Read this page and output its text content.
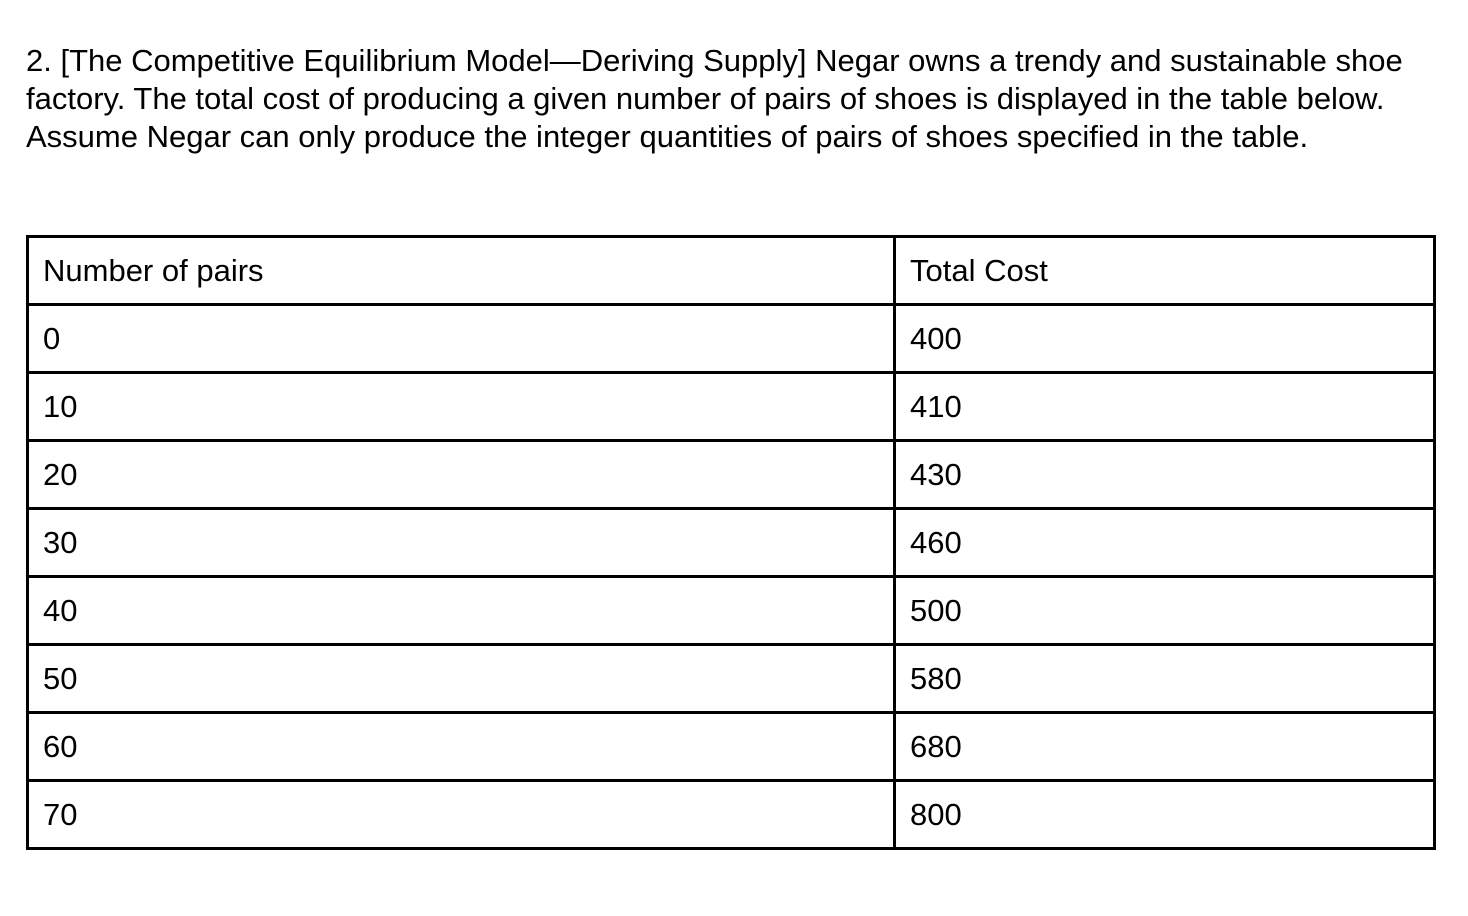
2. [The Competitive Equilibrium Model—Deriving Supply] Negar owns a trendy and sustainable shoe factory. The total cost of producing a given number of pairs of shoes is displayed in the table below. Assume Negar can only produce the integer quantities of pairs of shoes specified in the table.

Number of pairs	Total Cost
0	400
10	410
20	430
30	460
40	500
50	580
60	680
70	800
